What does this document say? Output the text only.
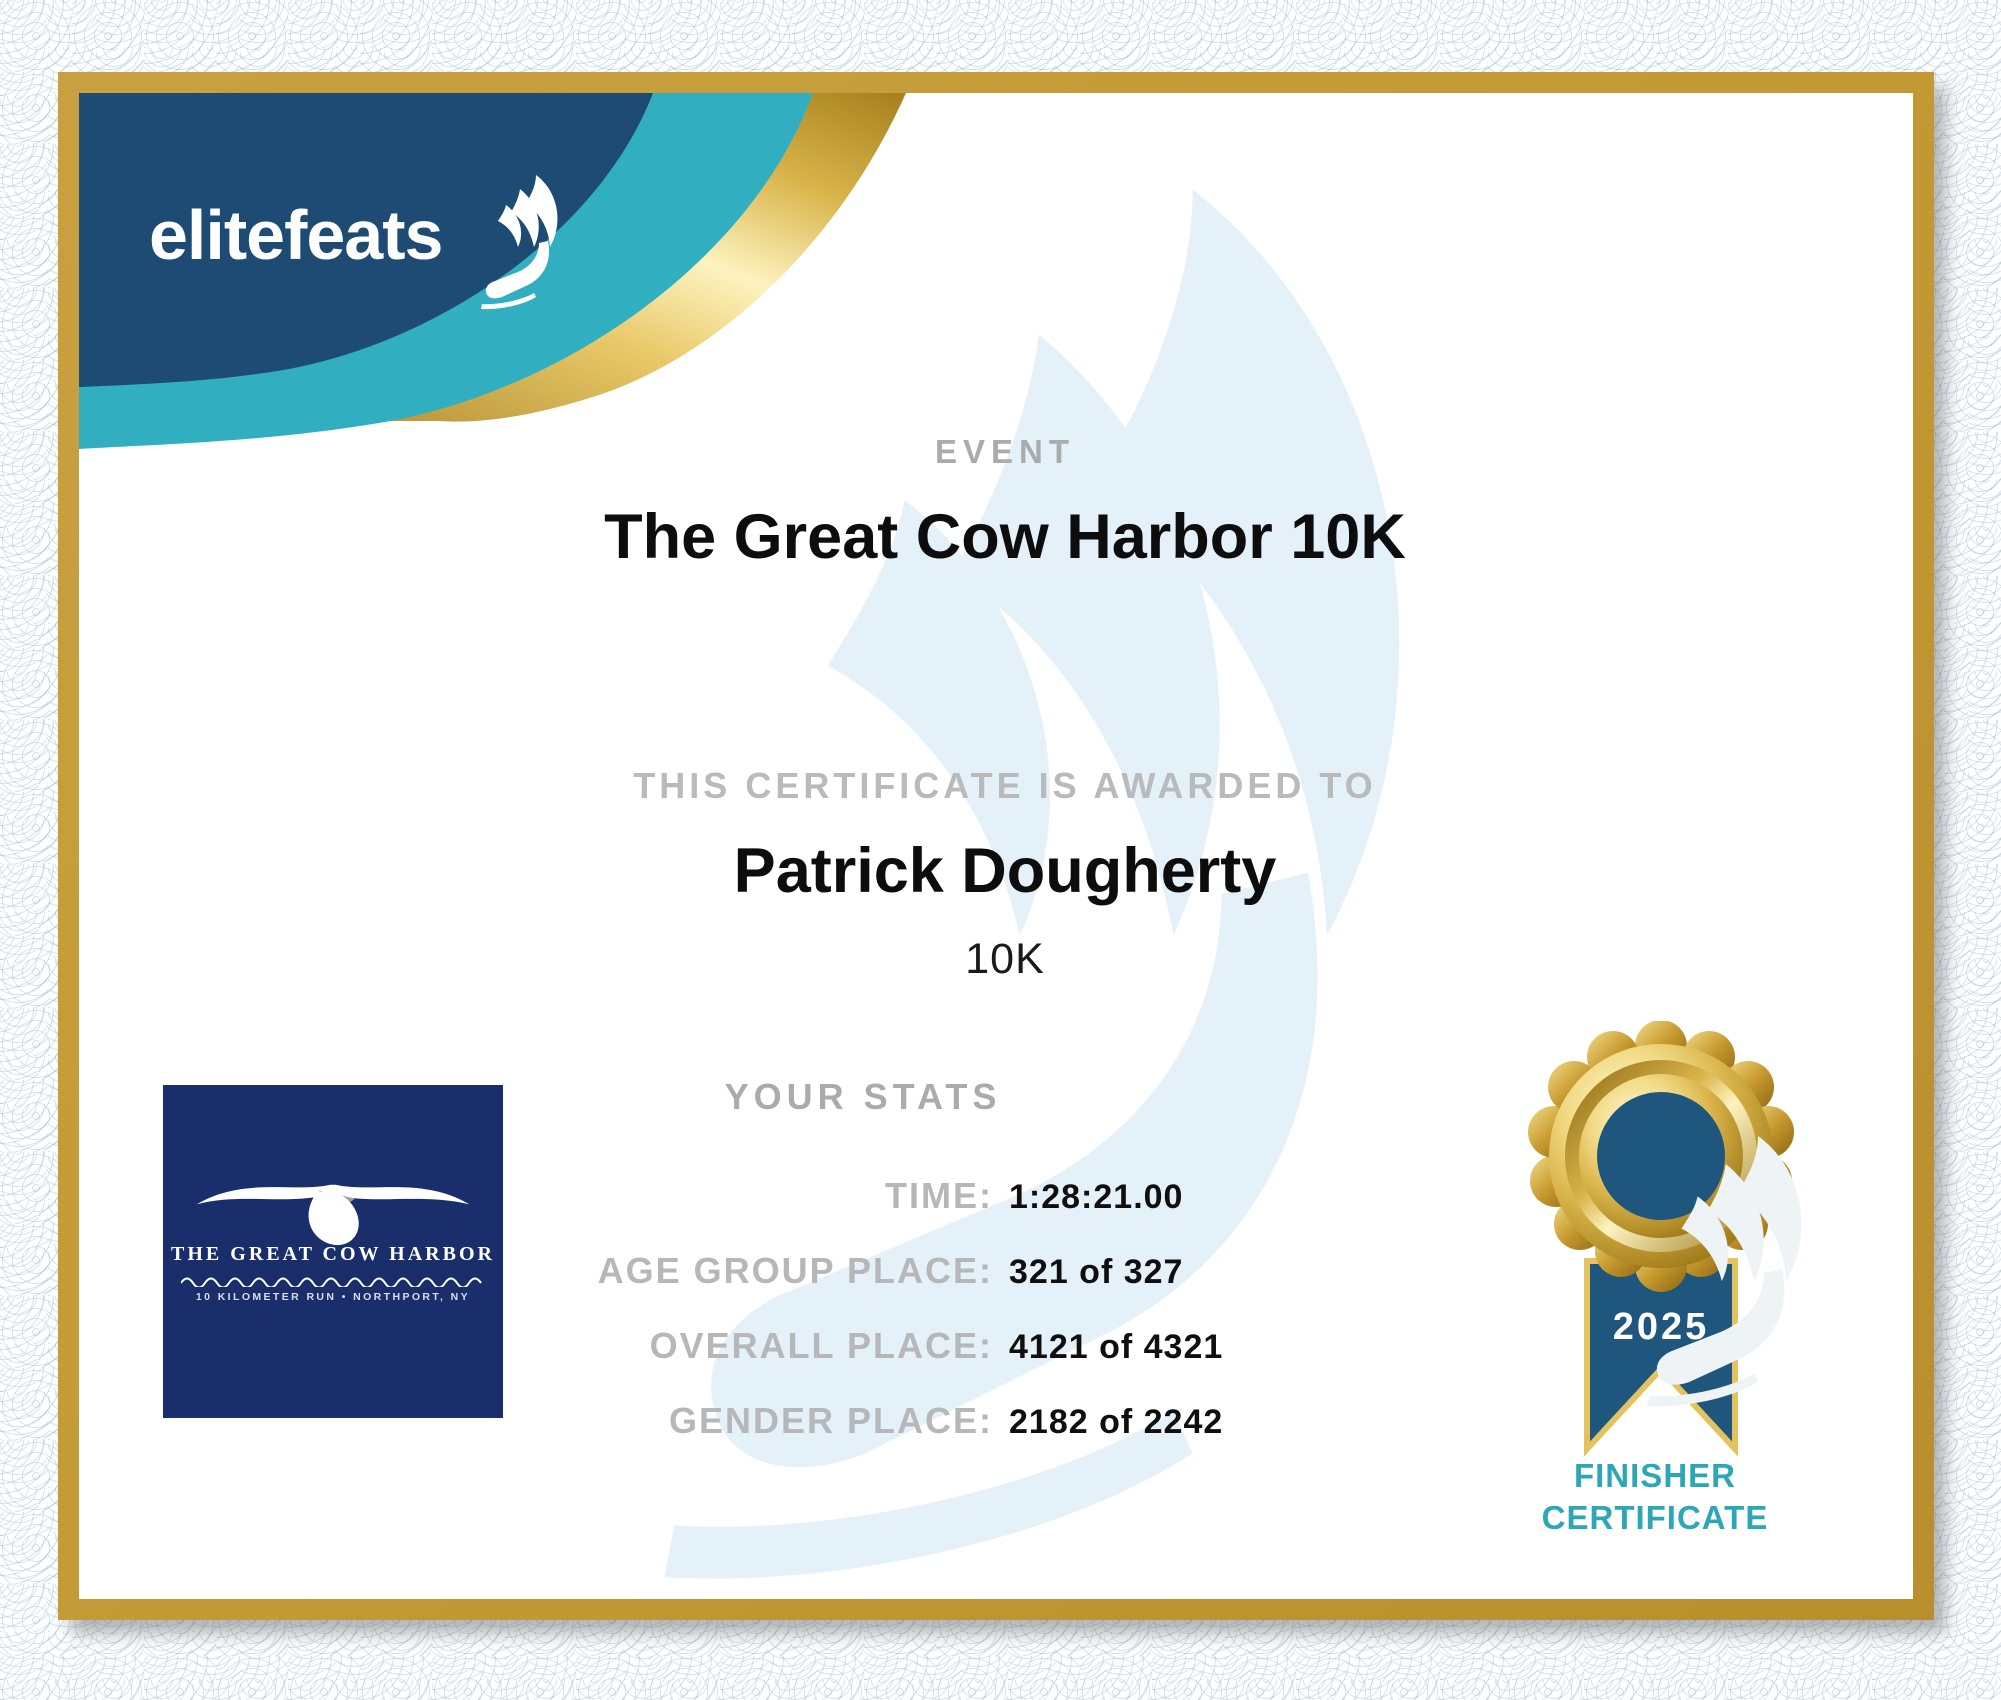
elitefeats
EVENT
The Great Cow Harbor 10K
THIS CERTIFICATE IS AWARDED TO
Patrick Dougherty
10K
YOUR STATS
TIME: 1:28:21.00
AGE GROUP PLACE: 321 of 327
OVERALL PLACE: 4121 of 4321
GENDER PLACE: 2182 of 2242
THE GREAT COW HARBOR
10 KILOMETER RUN • NORTHPORT, NY
2025
FINISHER
CERTIFICATE
